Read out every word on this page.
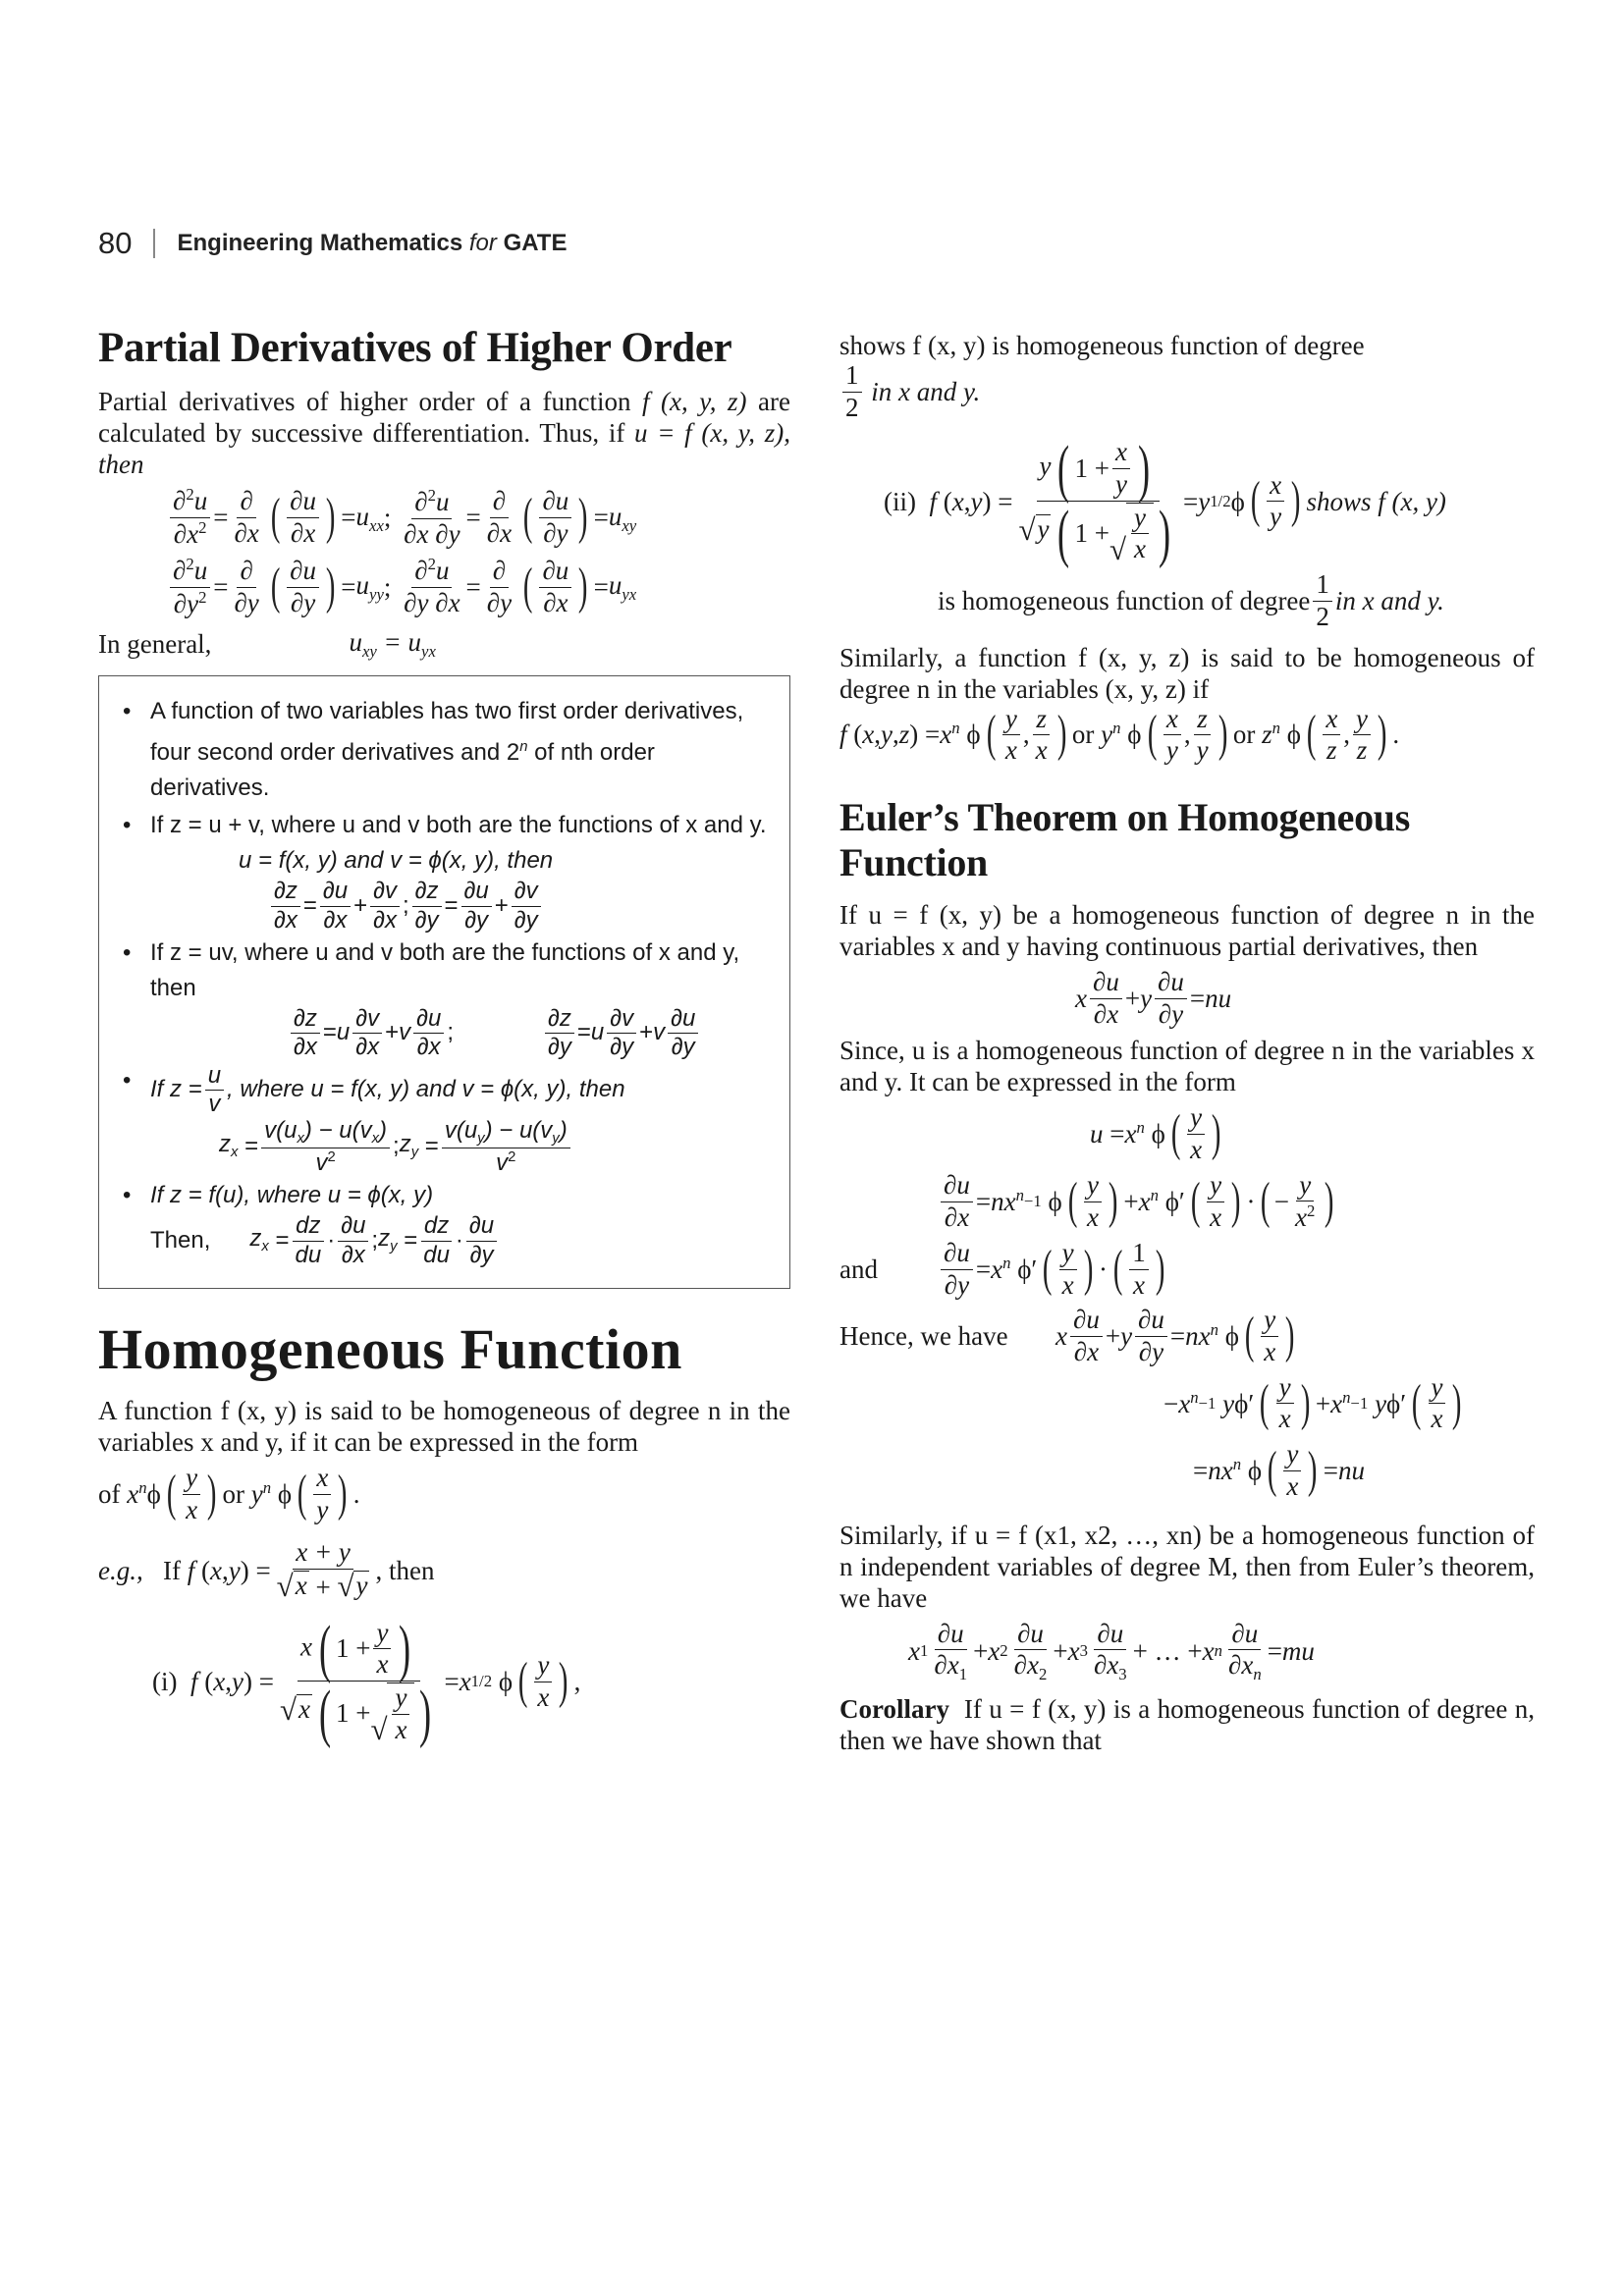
80 Engineering Mathematics for GATE
Partial Derivatives of Higher Order

Partial derivatives of higher order of a function f (x, y, z) are calculated by successive differentiation. Thus, if u = f (x, y, z), then

$\frac{\partial^2u}{\partial x^2} = \frac{\partial}{\partial x}$ ( $\frac{\partial u}{\partial x}$ ) = $u_{xx}$ ; $\frac{\partial^2u}{\partial x \partial y} = \frac{\partial}{\partial x}$ ( $\frac{\partial u}{\partial y}$ ) = $u_{xy}$
$\frac{\partial^2u}{\partial y^2} = \frac{\partial}{\partial y}$ ( $\frac{\partial u}{\partial y}$ ) = $u_{yy}$ ; $\frac{\partial^2u}{\partial y \partial x} = \frac{\partial}{\partial y}$ ( $\frac{\partial u}{\partial x}$ ) = $u_{yx}$
In general,	$u_{xy} = u_{yx}$
• A function of two variables has two first order derivatives, four second order derivatives and 2$^n$ of nth order derivatives.
• If z = u + v, where u and v both are the functions of x and y.
u = f(x, y) and v = ϕ(x, y), then
$\frac{\partial z}{\partial x} = \frac{\partial u}{\partial x} + \frac{\partial v}{\partial x}$ ; $\frac{\partial z}{\partial y} = \frac{\partial u}{\partial y} + \frac{\partial v}{\partial y}$
• If z = uv, where u and v both are the functions of x and y, then
$\frac{\partial z}{\partial x} = u \frac{\partial v}{\partial x} + v \frac{\partial u}{\partial x}$ ;	$\frac{\partial z}{\partial y} = u \frac{\partial v}{\partial y} + v \frac{\partial u}{\partial y}$
• If $z = \frac{u}{v}$ , where u = f(x, y) and v = ϕ(x, y), then
$z_x = \frac{v(u_x) - u(v_x)}{v^2}$ ; $z_y = \frac{v(u_y) - u(v_y)}{v^2}$
• If z = f(u), where u = ϕ(x, y)
Then, $z_x = \frac{dz}{du} \cdot \frac{\partial u}{\partial x}$ ; $z_y = \frac{dz}{du} \cdot \frac{\partial u}{\partial y}$
Homogeneous Function

A function f (x, y) is said to be homogeneous of degree n in the variables x and y, if it can be expressed in the form

of
$x^n$ ϕ ( $\frac{y}{x}$ ) or
$y^n$ ϕ ( $\frac{x}{y}$ ) .
e.g.,
If
f ( x , y ) = $\frac{x + y}{√ x + √ y}$ , then
(i)
f ( x , y ) = $\frac{x ( 1 + \frac{y}{x} )}{√ x ( 1 + √ \frac{y}{x} )} = x$ 1/2 ϕ ( $\frac{y}{x}$ ) ,

shows f (x, y) is homogeneous function of degree

$\frac{1}{2}$
in x and y.
(ii)
f ( x , y ) = $\frac{y ( 1 + \frac{x}{y} )}{√ y ( 1 + √ \frac{y}{x} )} = y$ 1/2 ϕ ( $\frac{x}{y}$ ) shows f (x, y)
is homogeneous function of degree $\frac{1}{2}$ in x and y.

Similarly, a function f (x, y, z) is said to be homogeneous of degree n in the variables (x, y, z) if

f ( x , y , z ) = $x^n$ ϕ ( $\frac{y}{x}$ , $\frac{z}{x}$ ) or $y^n$ ϕ ( $\frac{x}{y}$ , $\frac{z}{y}$ ) or $z^n$ ϕ ( $\frac{x}{z}$ , $\frac{y}{z}$ ) .
Euler’s Theorem on Homogeneous Function

If u = f (x, y) be a homogeneous function of degree n in the variables x and y having continuous partial derivatives, then

x $\frac{\partial u}{\partial x} + y \frac{\partial u}{\partial y}$ = nu

Since, u is a homogeneous function of degree n in the variables x and y. It can be expressed in the form

$u = x^n$ ϕ ( $\frac{y}{x}$ )
$\frac{\partial u}{\partial x} = nx^n -1$ ϕ ( $\frac{y}{x}$ ) + $x^n$ ϕ′ ( $\frac{y}{x}$ ) · ( − $\frac{y}{x^2}$ )
and	$\frac{\partial u}{\partial y} = x^n$ ϕ′ ( $\frac{y}{x}$ ) · ( $\frac{1}{x}$ )
Hence, we have	x $\frac{\partial u}{\partial x} + y \frac{\partial u}{\partial y} = nx^n$ ϕ ( $\frac{y}{x}$ )
− $x^n -1$
y ϕ′ ( $\frac{y}{x}$ ) + $x^n -1$
y ϕ′ ( $\frac{y}{x}$ )
= $nx^n$ ϕ ( $\frac{y}{x}$ ) = nu

Similarly, if u = f (x1, x2, …, xn) be a homogeneous function of n independent variables of degree M, then from Euler’s theorem, we have

x $1 \frac{\partial u}{\partial x_1} + x$ $2 \frac{\partial u}{\partial x_2} + x$ $3 \frac{\partial u}{\partial x_3}$ + … + x n $\frac{\partial u}{\partial x_n}$ = mu

Corollary If u = f (x, y) is a homogeneous function of degree n, then we have shown that
